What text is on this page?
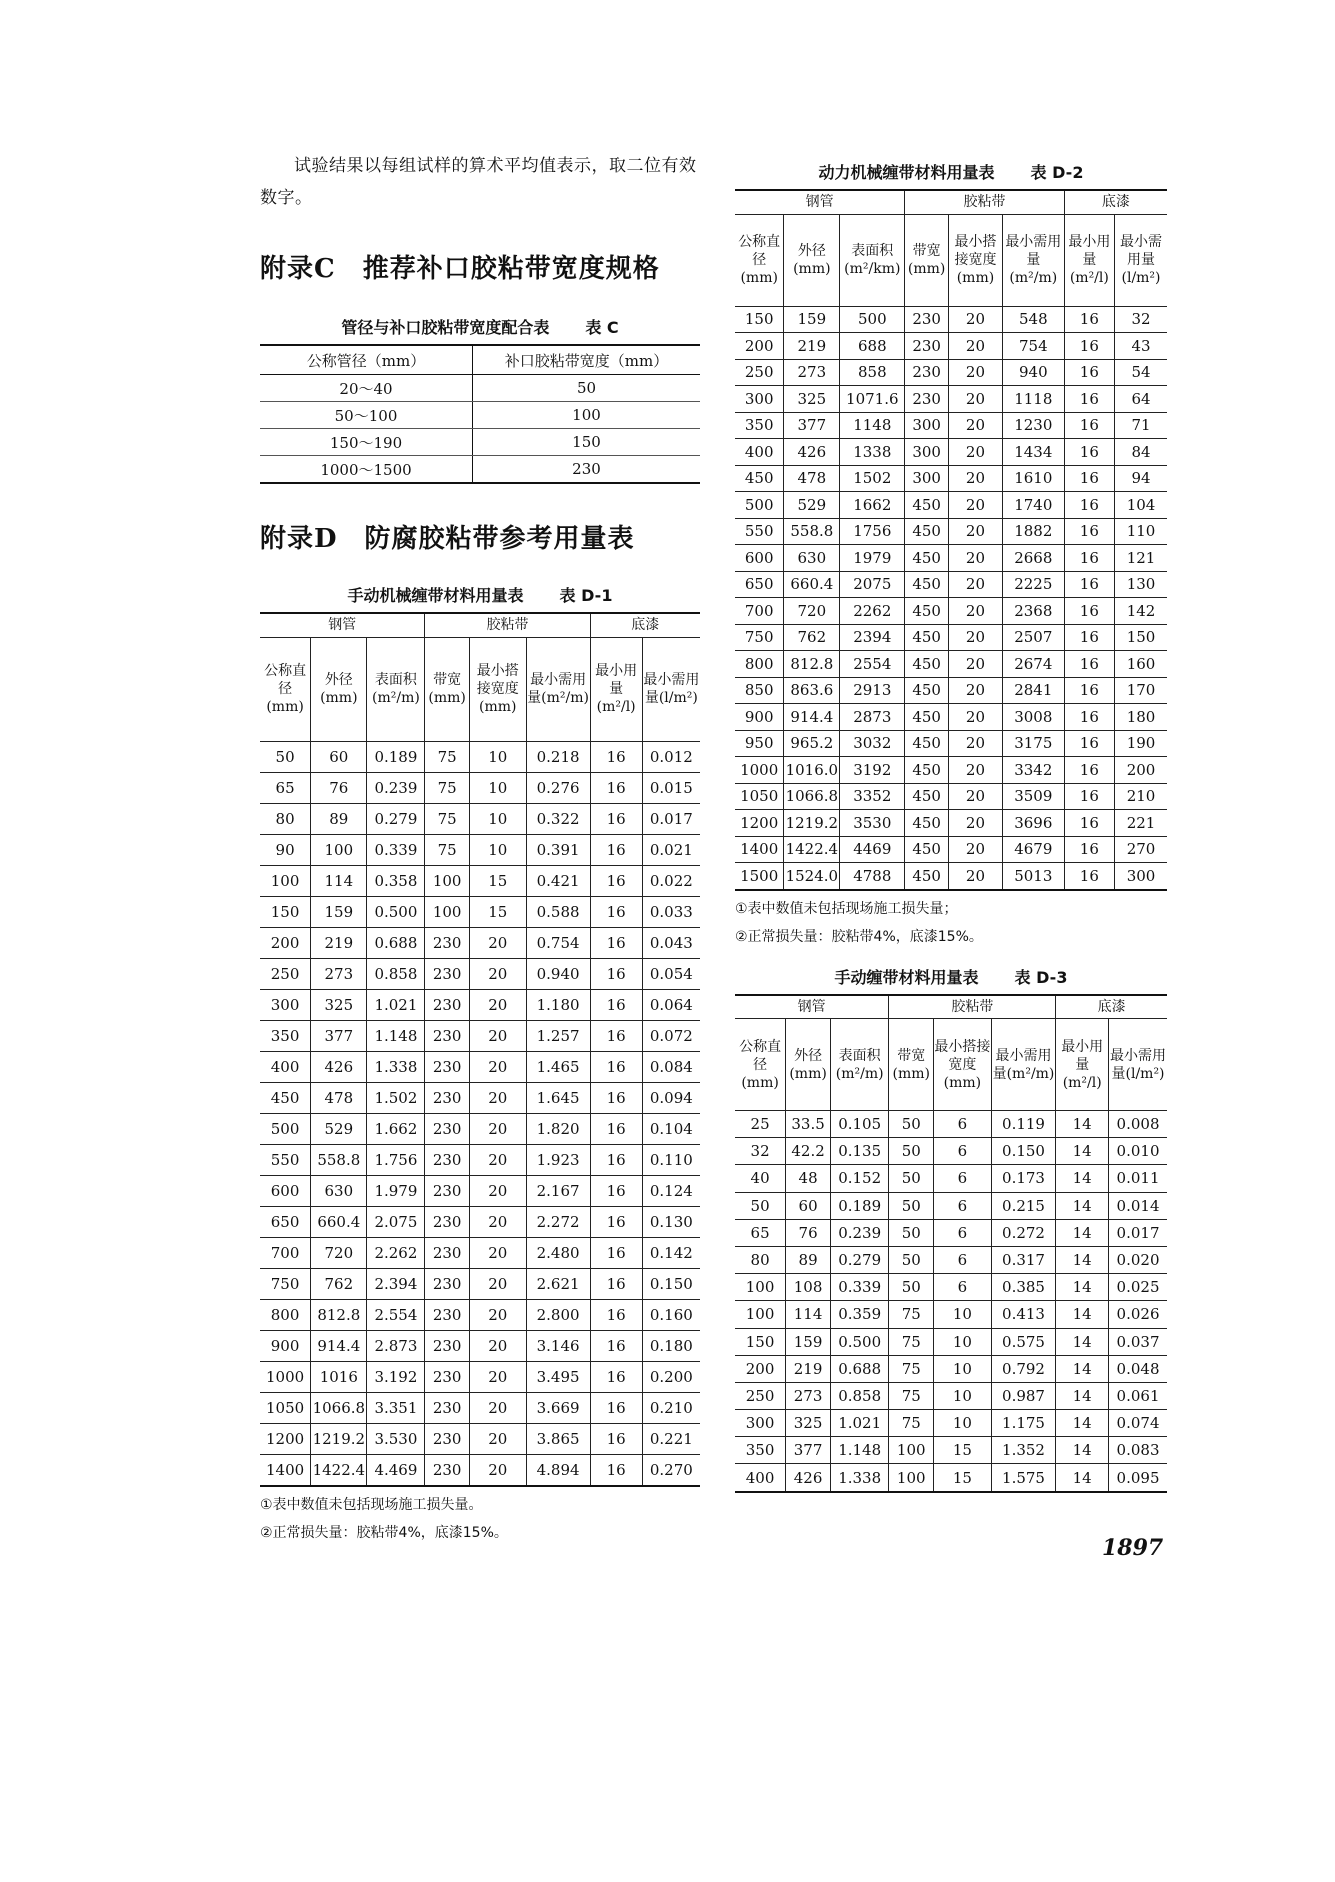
试验结果以每组试样的算术平均值表示，取二位有效数字。

附录C　推荐补口胶粘带宽度规格

管径与补口胶粘带宽度配合表 表 C

公称管径（mm）	补口胶粘带宽度（mm）
20～40	50
50～100	100
150～190	150
1000～1500	230
附录D　防腐胶粘带参考用量表

手动机械缠带材料用量表 表 D-1

钢管			胶粘带			底漆	
公称直径(mm)	外径(mm)	表面积(m²/m)	带宽(mm)	最小搭接宽度(mm)	最小需用量(m²/m)	最小用量(m²/l)	最小需用量(l/m²)
50	60	0.189	75	10	0.218	16	0.012
65	76	0.239	75	10	0.276	16	0.015
80	89	0.279	75	10	0.322	16	0.017
90	100	0.339	75	10	0.391	16	0.021
100	114	0.358	100	15	0.421	16	0.022
150	159	0.500	100	15	0.588	16	0.033
200	219	0.688	230	20	0.754	16	0.043
250	273	0.858	230	20	0.940	16	0.054
300	325	1.021	230	20	1.180	16	0.064
350	377	1.148	230	20	1.257	16	0.072
400	426	1.338	230	20	1.465	16	0.084
450	478	1.502	230	20	1.645	16	0.094
500	529	1.662	230	20	1.820	16	0.104
550	558.8	1.756	230	20	1.923	16	0.110
600	630	1.979	230	20	2.167	16	0.124
650	660.4	2.075	230	20	2.272	16	0.130
700	720	2.262	230	20	2.480	16	0.142
750	762	2.394	230	20	2.621	16	0.150
800	812.8	2.554	230	20	2.800	16	0.160
900	914.4	2.873	230	20	3.146	16	0.180
1000	1016	3.192	230	20	3.495	16	0.200
1050	1066.8	3.351	230	20	3.669	16	0.210
1200	1219.2	3.530	230	20	3.865	16	0.221
1400	1422.4	4.469	230	20	4.894	16	0.270

①表中数值未包括现场施工损失量。

②正常损失量：胶粘带4%，底漆15%。

动力机械缠带材料用量表 表 D-2

钢管			胶粘带			底漆	
公称直径(mm)	外径(mm)	表面积(m²/km)	带宽(mm)	最小搭接宽度(mm)	最小需用量(m²/m)	最小用量(m²/l)	最小需用量(l/m²)
150	159	500	230	20	548	16	32
200	219	688	230	20	754	16	43
250	273	858	230	20	940	16	54
300	325	1071.6	230	20	1118	16	64
350	377	1148	300	20	1230	16	71
400	426	1338	300	20	1434	16	84
450	478	1502	300	20	1610	16	94
500	529	1662	450	20	1740	16	104
550	558.8	1756	450	20	1882	16	110
600	630	1979	450	20	2668	16	121
650	660.4	2075	450	20	2225	16	130
700	720	2262	450	20	2368	16	142
750	762	2394	450	20	2507	16	150
800	812.8	2554	450	20	2674	16	160
850	863.6	2913	450	20	2841	16	170
900	914.4	2873	450	20	3008	16	180
950	965.2	3032	450	20	3175	16	190
1000	1016.0	3192	450	20	3342	16	200
1050	1066.8	3352	450	20	3509	16	210
1200	1219.2	3530	450	20	3696	16	221
1400	1422.4	4469	450	20	4679	16	270
1500	1524.0	4788	450	20	5013	16	300

①表中数值未包括现场施工损失量；

②正常损失量：胶粘带4%，底漆15%。

手动缠带材料用量表 表 D-3

钢管			胶粘带			底漆	
公称直径(mm)	外径(mm)	表面积(m²/m)	带宽(mm)	最小搭接宽度(mm)	最小需用量(m²/m)	最小用量(m²/l)	最小需用量(l/m²)
25	33.5	0.105	50	6	0.119	14	0.008
32	42.2	0.135	50	6	0.150	14	0.010
40	48	0.152	50	6	0.173	14	0.011
50	60	0.189	50	6	0.215	14	0.014
65	76	0.239	50	6	0.272	14	0.017
80	89	0.279	50	6	0.317	14	0.020
100	108	0.339	50	6	0.385	14	0.025
100	114	0.359	75	10	0.413	14	0.026
150	159	0.500	75	10	0.575	14	0.037
200	219	0.688	75	10	0.792	14	0.048
250	273	0.858	75	10	0.987	14	0.061
300	325	1.021	75	10	1.175	14	0.074
350	377	1.148	100	15	1.352	14	0.083
400	426	1.338	100	15	1.575	14	0.095
1897
